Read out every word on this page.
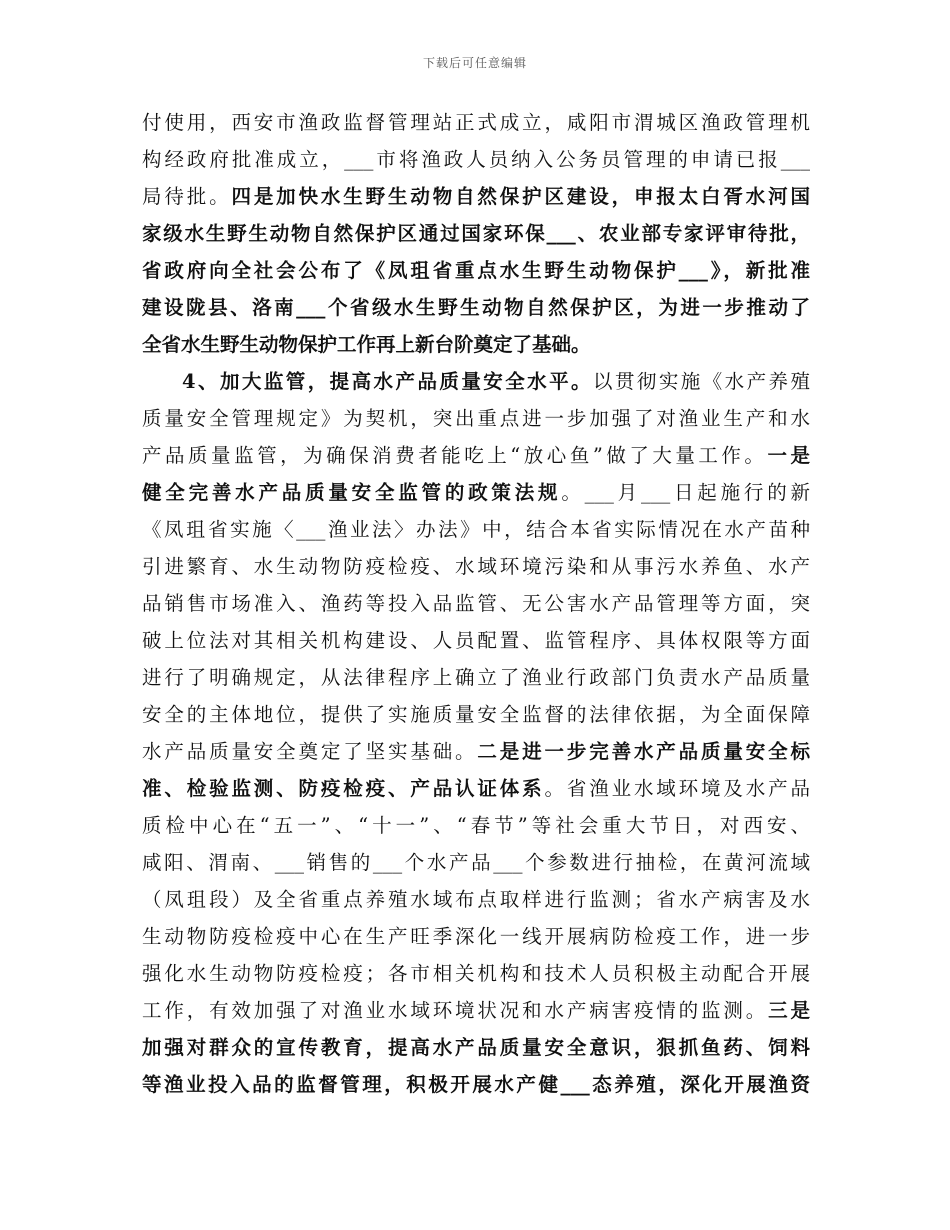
下载后可任意编辑
付使用，西安市渔政监督管理站正式成立，咸阳市渭城区渔政管理机
构经政府批准成立，___市将渔政人员纳入公务员管理的申请已报___
局待批。四是加快水生野生动物自然保护区建设，申报太白胥水河国
家级水生野生动物自然保护区通过国家环保___、农业部专家评审待批，
省政府向全社会公布了《凤珇省重点水生野生动物保护___》，新批准
建设陇县、洛南___个省级水生野生动物自然保护区，为进一步推动了
全省水生野生动物保护工作再上新台阶奠定了基础。
4、加大监管，提高水产品质量安全水平。以贯彻实施《水产养殖
质量安全管理规定》为契机，突出重点进一步加强了对渔业生产和水
产品质量监管，为确保消费者能吃上“放心鱼”做了大量工作。一是
健全完善水产品质量安全监管的政策法规。___月___日起施行的新
《凤珇省实施〈___渔业法〉办法》中，结合本省实际情况在水产苗种
引进繁育、水生动物防疫检疫、水域环境污染和从事污水养鱼、水产
品销售市场准入、渔药等投入品监管、无公害水产品管理等方面，突
破上位法对其相关机构建设、人员配置、监管程序、具体权限等方面
进行了明确规定，从法律程序上确立了渔业行政部门负责水产品质量
安全的主体地位，提供了实施质量安全监督的法律依据，为全面保障
水产品质量安全奠定了坚实基础。二是进一步完善水产品质量安全标
准、检验监测、防疫检疫、产品认证体系。省渔业水域环境及水产品
质检中心在“五一”、“十一”、“春节”等社会重大节日，对西安、
咸阳、渭南、___销售的___个水产品___个参数进行抽检，在黄河流域
（凤珇段）及全省重点养殖水域布点取样进行监测；省水产病害及水
生动物防疫检疫中心在生产旺季深化一线开展病防检疫工作，进一步
强化水生动物防疫检疫；各市相关机构和技术人员积极主动配合开展
工作，有效加强了对渔业水域环境状况和水产病害疫情的监测。三是
加强对群众的宣传教育，提高水产品质量安全意识，狠抓鱼药、饲料
等渔业投入品的监督管理，积极开展水产健___态养殖，深化开展渔资
